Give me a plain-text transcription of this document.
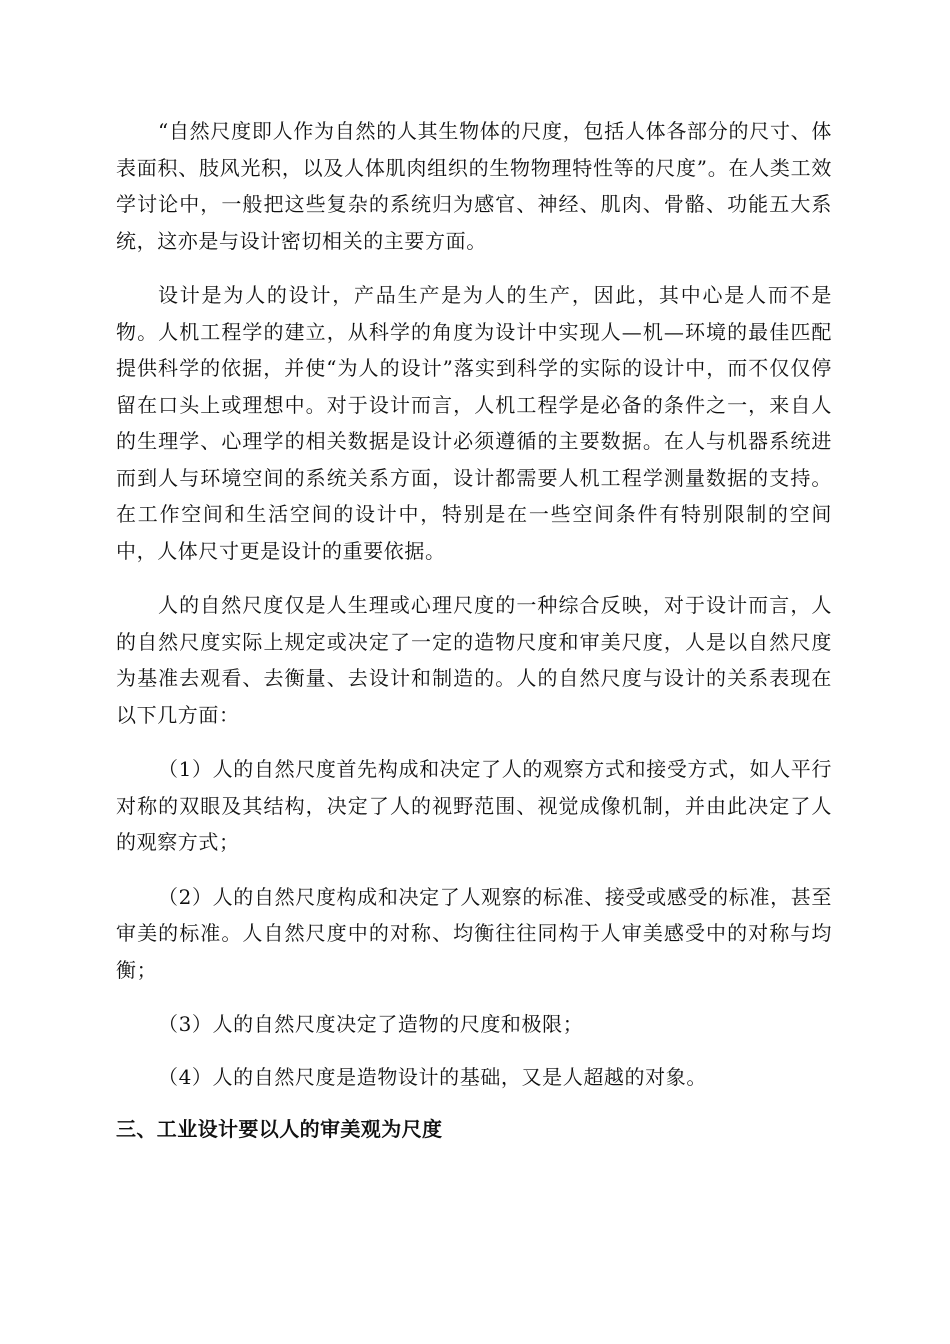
“自然尺度即人作为自然的人其生物体的尺度，包括人体各部分的尺寸、体表面积、肢风光积，以及人体肌肉组织的生物物理特性等的尺度”。在人类工效学讨论中，一般把这些复杂的系统归为感官、神经、肌肉、骨骼、功能五大系统，这亦是与设计密切相关的主要方面。

设计是为人的设计，产品生产是为人的生产，因此，其中心是人而不是物。人机工程学的建立，从科学的角度为设计中实现人—机—环境的最佳匹配提供科学的依据，并使“为人的设计”落实到科学的实际的设计中，而不仅仅停留在口头上或理想中。对于设计而言，人机工程学是必备的条件之一，来自人的生理学、心理学的相关数据是设计必须遵循的主要数据。在人与机器系统进而到人与环境空间的系统关系方面，设计都需要人机工程学测量数据的支持。在工作空间和生活空间的设计中，特别是在一些空间条件有特别限制的空间中，人体尺寸更是设计的重要依据。

人的自然尺度仅是人生理或心理尺度的一种综合反映，对于设计而言，人的自然尺度实际上规定或决定了一定的造物尺度和审美尺度，人是以自然尺度为基准去观看、去衡量、去设计和制造的。人的自然尺度与设计的关系表现在以下几方面：

（1）人的自然尺度首先构成和决定了人的观察方式和接受方式，如人平行对称的双眼及其结构，决定了人的视野范围、视觉成像机制，并由此决定了人的观察方式；

（2）人的自然尺度构成和决定了人观察的标准、接受或感受的标准，甚至审美的标准。人自然尺度中的对称、均衡往往同构于人审美感受中的对称与均衡；

（3）人的自然尺度决定了造物的尺度和极限；

（4）人的自然尺度是造物设计的基础，又是人超越的对象。

三、工业设计要以人的审美观为尺度
